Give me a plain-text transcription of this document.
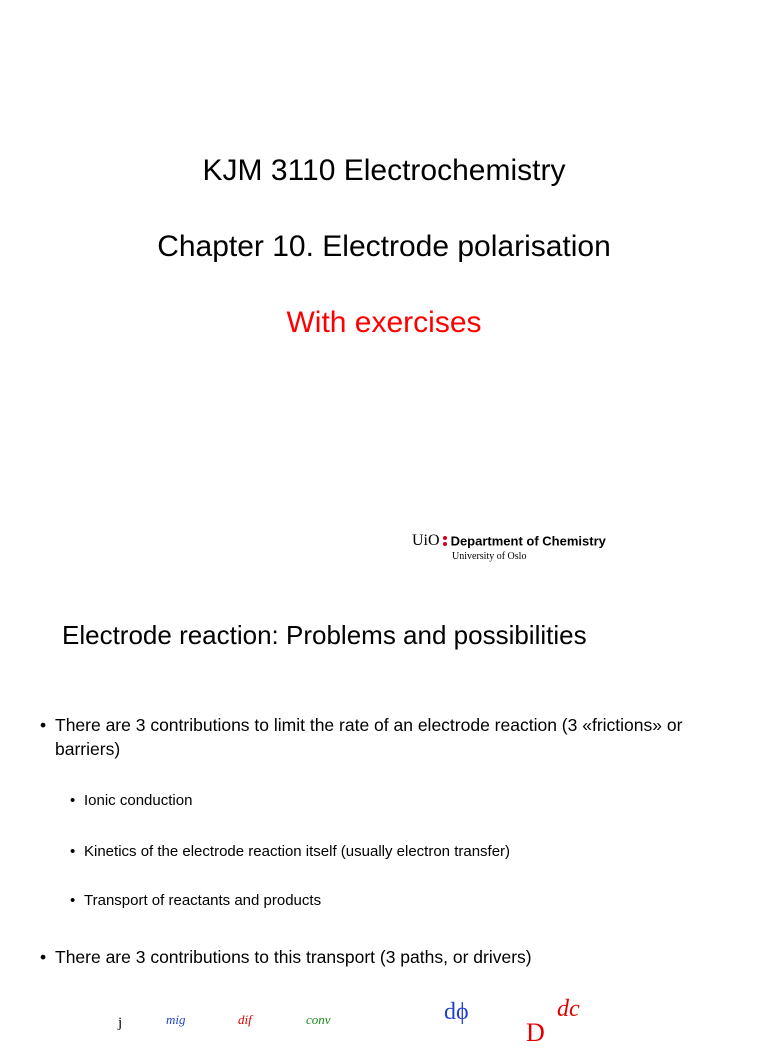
KJM 3110 Electrochemistry
Chapter 10. Electrode polarisation
With exercises
UiO Department of Chemistry
University of Oslo
Electrode reaction: Problems and possibilities
• There are 3 contributions to limit the rate of an electrode reaction (3 «frictions» or barriers)
• Ionic conduction
• Kinetics of the electrode reaction itself (usually electron transfer)
• Transport of reactants and products
• There are 3 contributions to this transport (3 paths, or drivers)
j	mig	dif	conv	dϕ
D
dc
